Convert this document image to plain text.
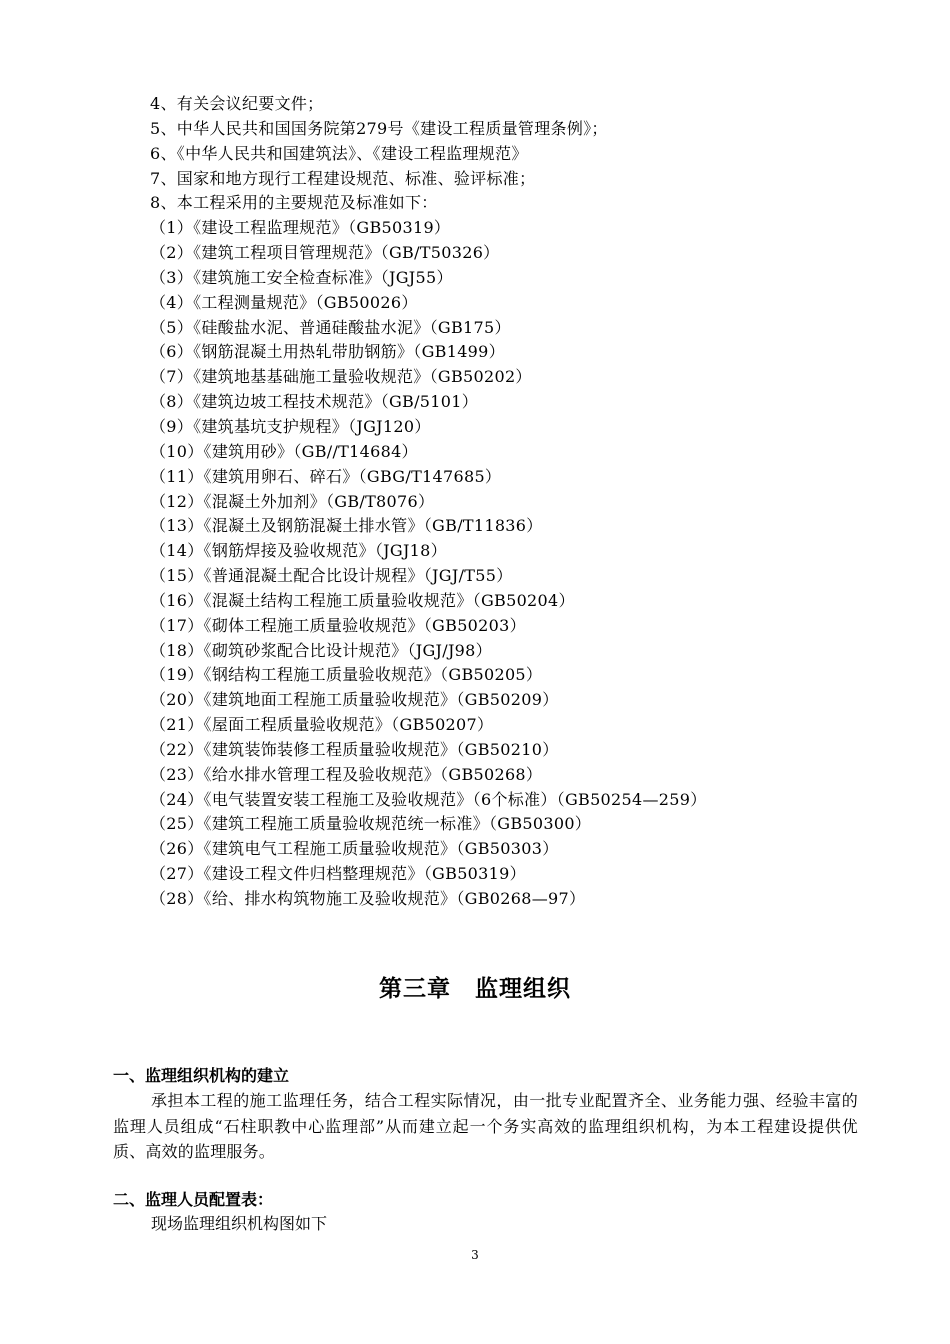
4、有关会议纪要文件；
5、中华人民共和国国务院第279号《建设工程质量管理条例》；
6、《中华人民共和国建筑法》、《建设工程监理规范》
7、国家和地方现行工程建设规范、标准、验评标准；
8、本工程采用的主要规范及标准如下：
（1）《建设工程监理规范》（GB50319）
（2）《建筑工程项目管理规范》（GB/T50326）
（3）《建筑施工安全检查标准》（JGJ55）
（4）《工程测量规范》（GB50026）
（5）《硅酸盐水泥、普通硅酸盐水泥》（GB175）
（6）《钢筋混凝土用热轧带肋钢筋》（GB1499）
（7）《建筑地基基础施工量验收规范》（GB50202）
（8）《建筑边坡工程技术规范》（GB/5101）
（9）《建筑基坑支护规程》（JGJ120）
（10）《建筑用砂》（GB//T14684）
（11）《建筑用卵石、碎石》（GBG/T147685）
（12）《混凝土外加剂》（GB/T8076）
（13）《混凝土及钢筋混凝土排水管》（GB/T11836）
（14）《钢筋焊接及验收规范》（JGJ18）
（15）《普通混凝土配合比设计规程》（JGJ/T55）
（16）《混凝土结构工程施工质量验收规范》（GB50204）
（17）《砌体工程施工质量验收规范》（GB50203）
（18）《砌筑砂浆配合比设计规范》（JGJ/J98）
（19）《钢结构工程施工质量验收规范》（GB50205）
（20）《建筑地面工程施工质量验收规范》（GB50209）
（21）《屋面工程质量验收规范》（GB50207）
（22）《建筑装饰装修工程质量验收规范》（GB50210）
（23）《给水排水管理工程及验收规范》（GB50268）
（24）《电气装置安装工程施工及验收规范》（6个标准）（GB50254—259）
（25）《建筑工程施工质量验收规范统一标准》（GB50300）
（26）《建筑电气工程施工质量验收规范》（GB50303）
（27）《建设工程文件归档整理规范》（GB50319）
（28）《给、排水构筑物施工及验收规范》（GB0268—97）
第三章　监理组织
一、监理组织机构的建立
承担本工程的施工监理任务，结合工程实际情况，由一批专业配置齐全、业务能力强、经验丰富的监理人员组成“石柱职教中心监理部”从而建立起一个务实高效的监理组织机构，为本工程建设提供优质、高效的监理服务。
二、监理人员配置表：
现场监理组织机构图如下
3
